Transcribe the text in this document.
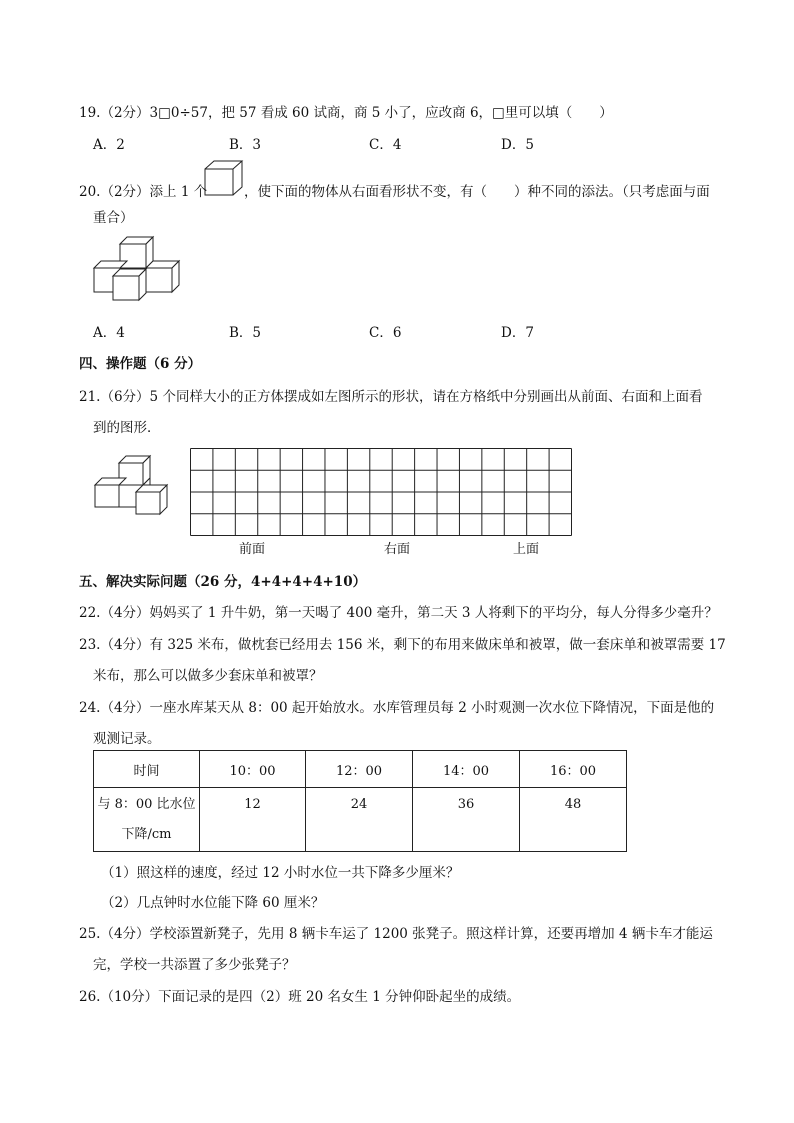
19.（2分）3□0÷57，把 57 看成 60 试商，商 5 小了，应改商 6，□里可以填（　　）
A．2	B．3	C．4	D．5
20.（2分）添上 1 个	，使下面的物体从右面看形状不变，有（　　）种不同的添法。（只考虑面与面
重合）
A．4	B．5	C．6	D．7
四、操作题（6 分）
21.（6分）5 个同样大小的正方体摆成如左图所示的形状，请在方格纸中分别画出从前面、右面和上面看
到的图形．
前面	右面	上面
五、解决实际问题（26 分，4+4+4+4+10）
22.（4分）妈妈买了 1 升牛奶，第一天喝了 400 毫升，第二天 3 人将剩下的平均分，每人分得多少毫升？
23.（4分）有 325 米布，做枕套已经用去 156 米，剩下的布用来做床单和被罩，做一套床单和被罩需要 17
米布，那么可以做多少套床单和被罩？
24.（4分）一座水库某天从 8：00 起开始放水。水库管理员每 2 小时观测一次水位下降情况，下面是他的
观测记录。
时间	10：00	12：00	14：00	16：00

与 8：00 比水位
下降/cm	12	24	36	48
（1）照这样的速度，经过 12 小时水位一共下降多少厘米？
（2）几点钟时水位能下降 60 厘米？
25.（4分）学校添置新凳子，先用 8 辆卡车运了 1200 张凳子。照这样计算，还要再增加 4 辆卡车才能运
完，学校一共添置了多少张凳子？
26.（10分）下面记录的是四（2）班 20 名女生 1 分钟仰卧起坐的成绩。
